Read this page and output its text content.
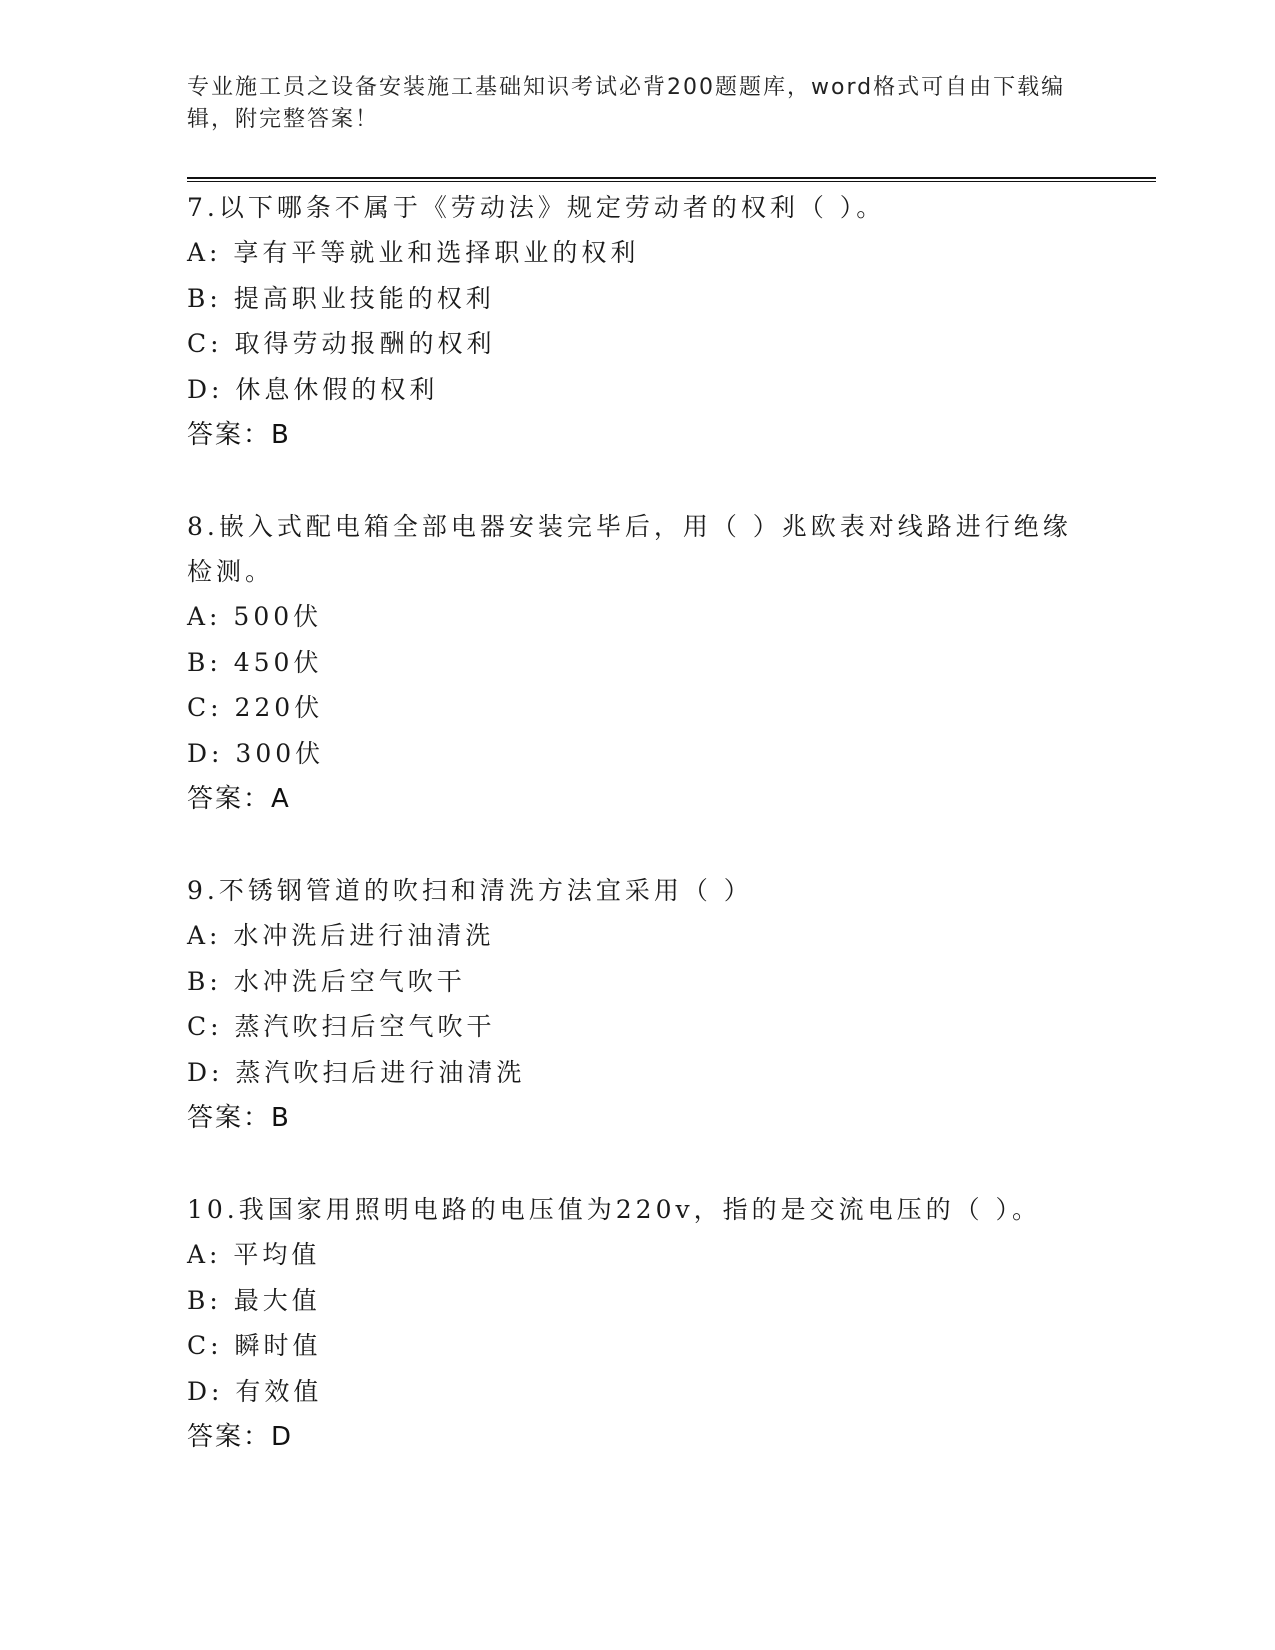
专业施工员之设备安装施工基础知识考试必背200题题库，word格式可自由下载编辑，附完整答案！
7.以下哪条不属于《劳动法》规定劳动者的权利（ ）。
A: 享有平等就业和选择职业的权利
B: 提高职业技能的权利
C: 取得劳动报酬的权利
D: 休息休假的权利
答案：B
8.嵌入式配电箱全部电器安装完毕后，用（ ）兆欧表对线路进行绝缘检测。
A: 500伏
B: 450伏
C: 220伏
D: 300伏
答案：A
9.不锈钢管道的吹扫和清洗方法宜采用（ ）
A: 水冲洗后进行油清洗
B: 水冲洗后空气吹干
C: 蒸汽吹扫后空气吹干
D: 蒸汽吹扫后进行油清洗
答案：B
10.我国家用照明电路的电压值为220v，指的是交流电压的（ ）。
A: 平均值
B: 最大值
C: 瞬时值
D: 有效值
答案：D
